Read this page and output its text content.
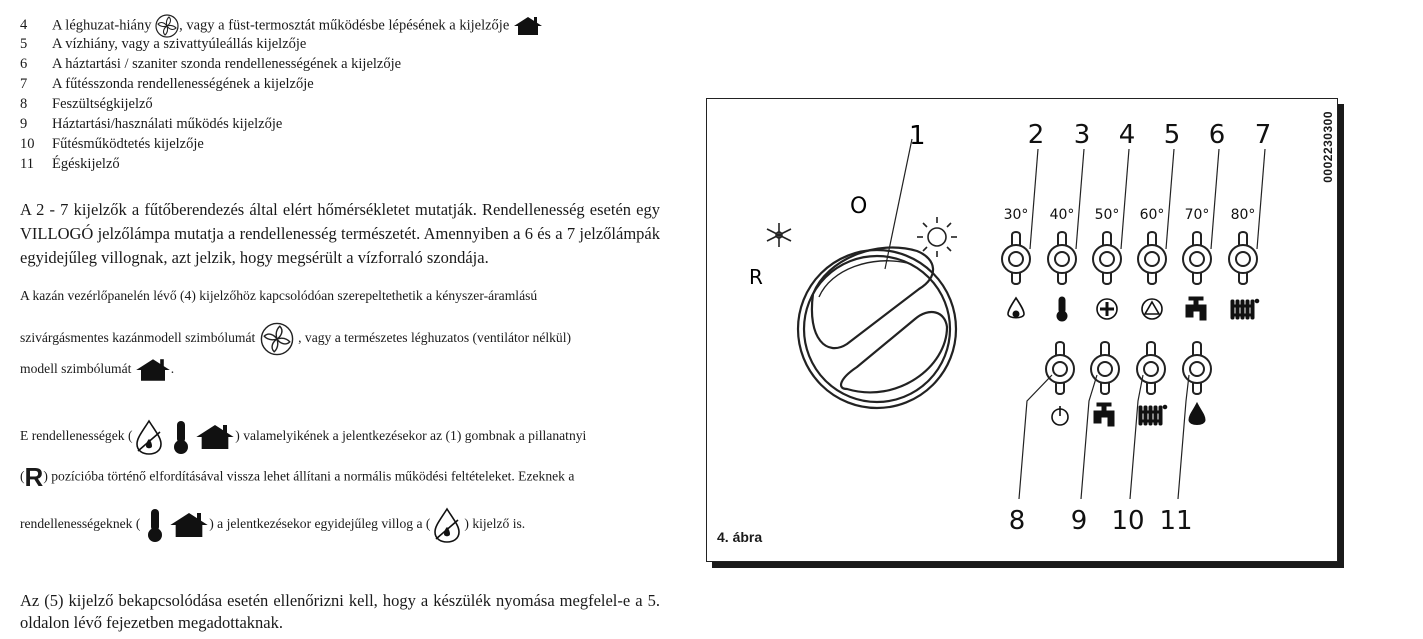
4 A léghuzat-hiány , vagy a füst-termosztát működésbe lépésének a kijelzője
5 A vízhiány, vagy a szivattyúleállás kijelzője
6 A háztartási / szaniter szonda rendellenességének a kijelzője
7 A fűtésszonda rendellenességének a kijelzője
8 Feszültségkijelző
9 Háztartási/használati működés kijelzője
10 Fűtésműködtetés kijelzője
11 Égéskijelző
A 2 - 7 kijelzők a fűtőberendezés által elért hőmérsékletet mutatják. Rendellenesség esetén egy VILLOGÓ jelzőlámpa mutatja a rendellenesség természetét. Amennyiben a 6 és a 7 jelzőlámpák egyidejűleg villognak, azt jelzik, hogy megsérült a vízforraló szondája.
A kazán vezérlőpanelén lévő (4) kijelzőhöz kapcsolódóan szerepeltethetik a kényszer-áramlású
szivárgásmentes kazánmodell szimbólumát	, vagy a természetes léghuzatos (ventilátor nélkül)
modell szimbólumát	.
E rendellenességek (	) valamelyikének a jelentkezésekor az (1) gombnak a pillanatnyi
(R) pozícióba történő elfordításával vissza lehet állítani a normális működési feltételeket. Ezeknek a
rendellenességeknek (	) a jelentkezésekor egyidejűleg villog a (	) kijelző is.
Az (5) kijelző bekapcsolódása esetén ellenőrizni kell, hogy a készülék nyomása megfelel-e a 5. oldalon lévő fejezetben megadottaknak.
1
O
R
2
30°
3
40°
4
50°
5
60°
6
70°
7
80°
8 9 10 11
0002230300
4. ábra
